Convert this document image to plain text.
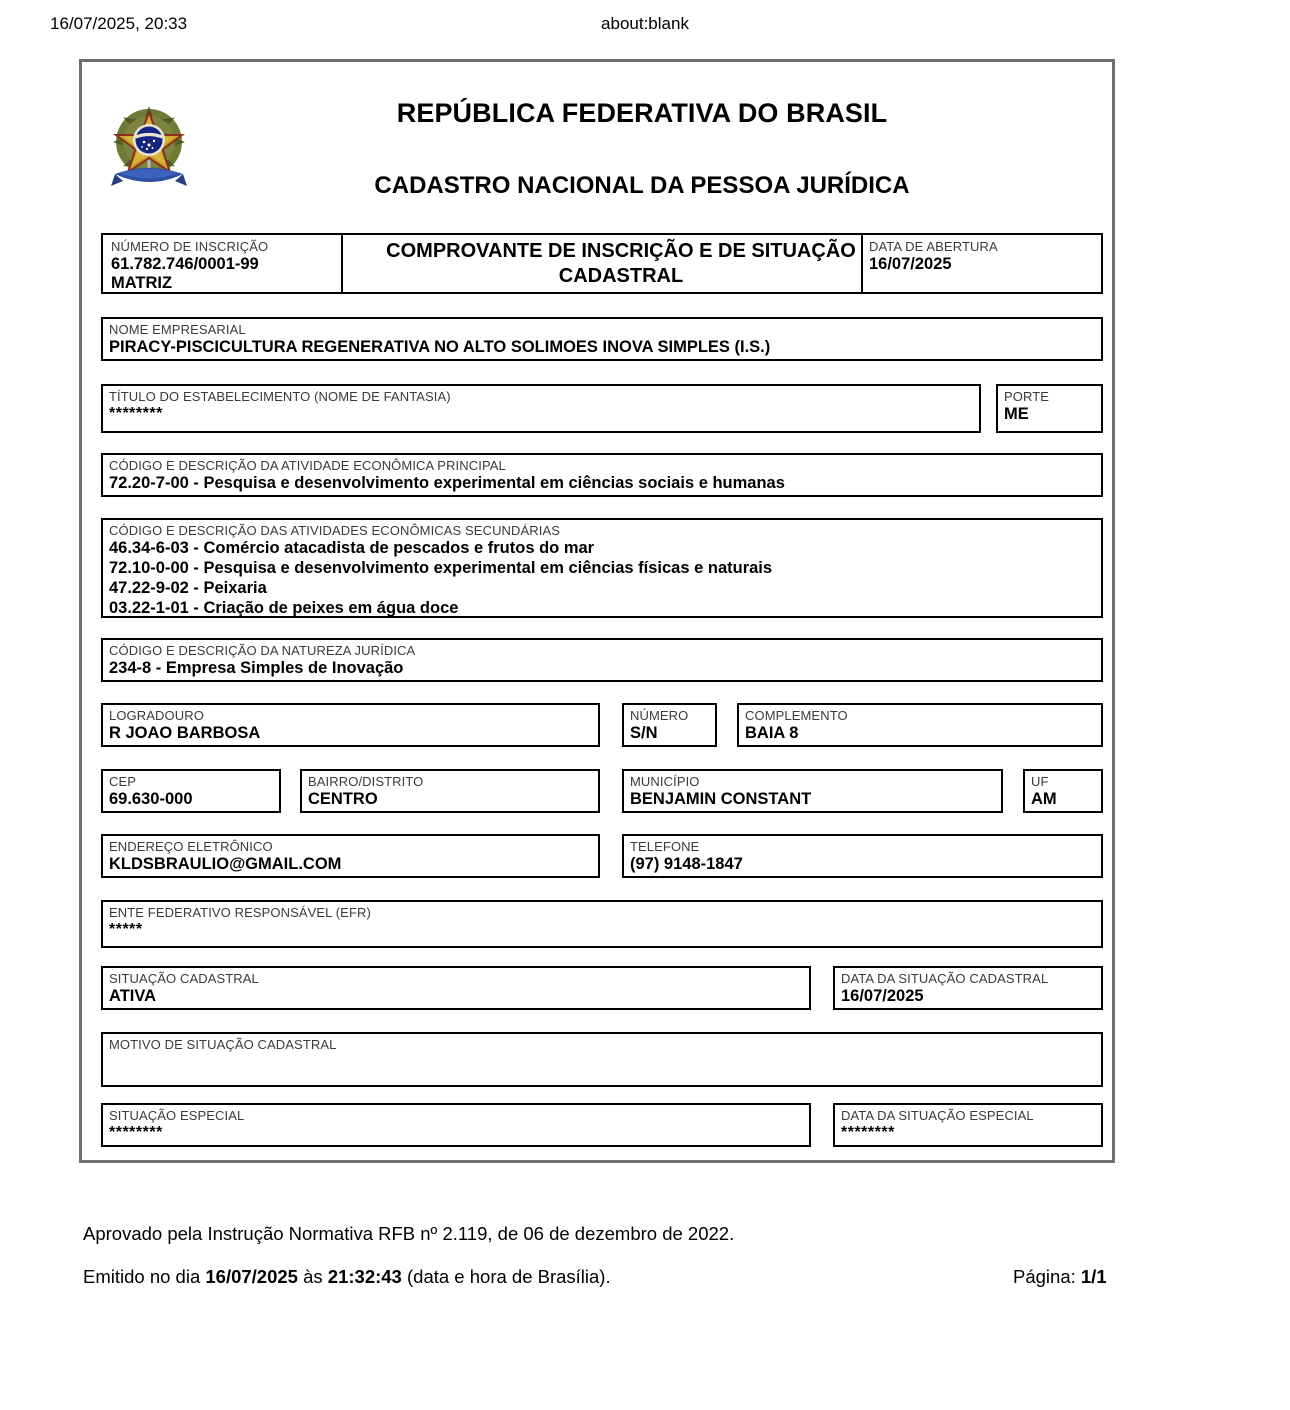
16/07/2025, 20:33	about:blank
REPÚBLICA FEDERATIVA DO BRASIL
CADASTRO NACIONAL DA PESSOA JURÍDICA
NÚMERO DE INSCRIÇÃO
61.782.746/0001-99
MATRIZ
COMPROVANTE DE INSCRIÇÃO E DE SITUAÇÃO CADASTRAL
DATA DE ABERTURA
16/07/2025
NOME EMPRESARIAL
PIRACY-PISCICULTURA REGENERATIVA NO ALTO SOLIMOES INOVA SIMPLES (I.S.)
TÍTULO DO ESTABELECIMENTO (NOME DE FANTASIA)
********
PORTE
ME
CÓDIGO E DESCRIÇÃO DA ATIVIDADE ECONÔMICA PRINCIPAL
72.20-7-00 - Pesquisa e desenvolvimento experimental em ciências sociais e humanas
CÓDIGO E DESCRIÇÃO DAS ATIVIDADES ECONÔMICAS SECUNDÁRIAS
46.34-6-03 - Comércio atacadista de pescados e frutos do mar
72.10-0-00 - Pesquisa e desenvolvimento experimental em ciências físicas e naturais
47.22-9-02 - Peixaria
03.22-1-01 - Criação de peixes em água doce
CÓDIGO E DESCRIÇÃO DA NATUREZA JURÍDICA
234-8 - Empresa Simples de Inovação
LOGRADOURO
R JOAO BARBOSA
NÚMERO
S/N
COMPLEMENTO
BAIA 8
CEP
69.630-000
BAIRRO/DISTRITO
CENTRO
MUNICÍPIO
BENJAMIN CONSTANT
UF
AM
ENDEREÇO ELETRÔNICO
KLDSBRAULIO@GMAIL.COM
TELEFONE
(97) 9148-1847
ENTE FEDERATIVO RESPONSÁVEL (EFR)
*****
SITUAÇÃO CADASTRAL
ATIVA
DATA DA SITUAÇÃO CADASTRAL
16/07/2025
MOTIVO DE SITUAÇÃO CADASTRAL
SITUAÇÃO ESPECIAL
********
DATA DA SITUAÇÃO ESPECIAL
********
Aprovado pela Instrução Normativa RFB nº 2.119, de 06 de dezembro de 2022.
Emitido no dia 16/07/2025 às 21:32:43 (data e hora de Brasília).	Página: 1/1
